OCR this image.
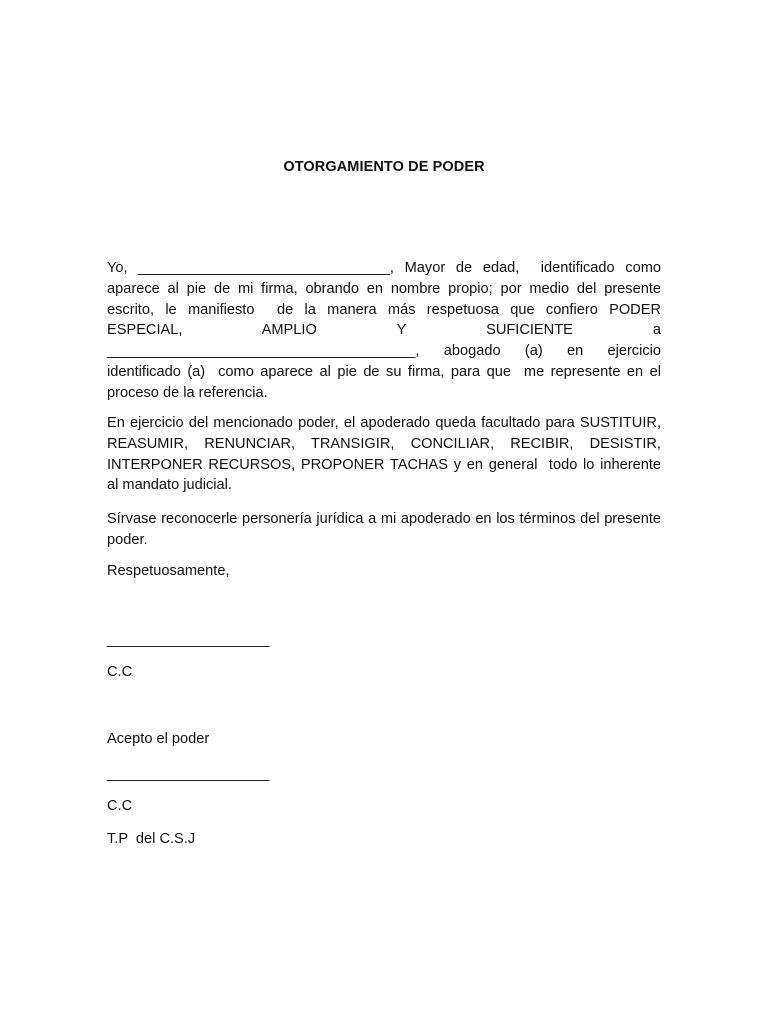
OTORGAMIENTO DE PODER
Yo, _______________________________, Mayor de edad,  identificado como
aparece al pie de mi firma, obrando en nombre propio; por medio del presente
escrito, le manifiesto  de la manera más respetuosa que confiero PODER
ESPECIAL, AMPLIO Y SUFICIENTE a
______________________________________, abogado (a) en ejercicio
identificado (a)  como aparece al pie de su firma, para que  me represente en el
proceso de la referencia.
En ejercicio del mencionado poder, el apoderado queda facultado para SUSTITUIR,
REASUMIR, RENUNCIAR, TRANSIGIR, CONCILIAR, RECIBIR, DESISTIR,
INTERPONER RECURSOS, PROPONER TACHAS y en general  todo lo inherente
al mandato judicial.
Sírvase reconocerle personería jurídica a mi apoderado en los términos del presente
poder.
Respetuosamente,
____________________
C.C
Acepto el poder
____________________
C.C
T.P  del C.S.J
